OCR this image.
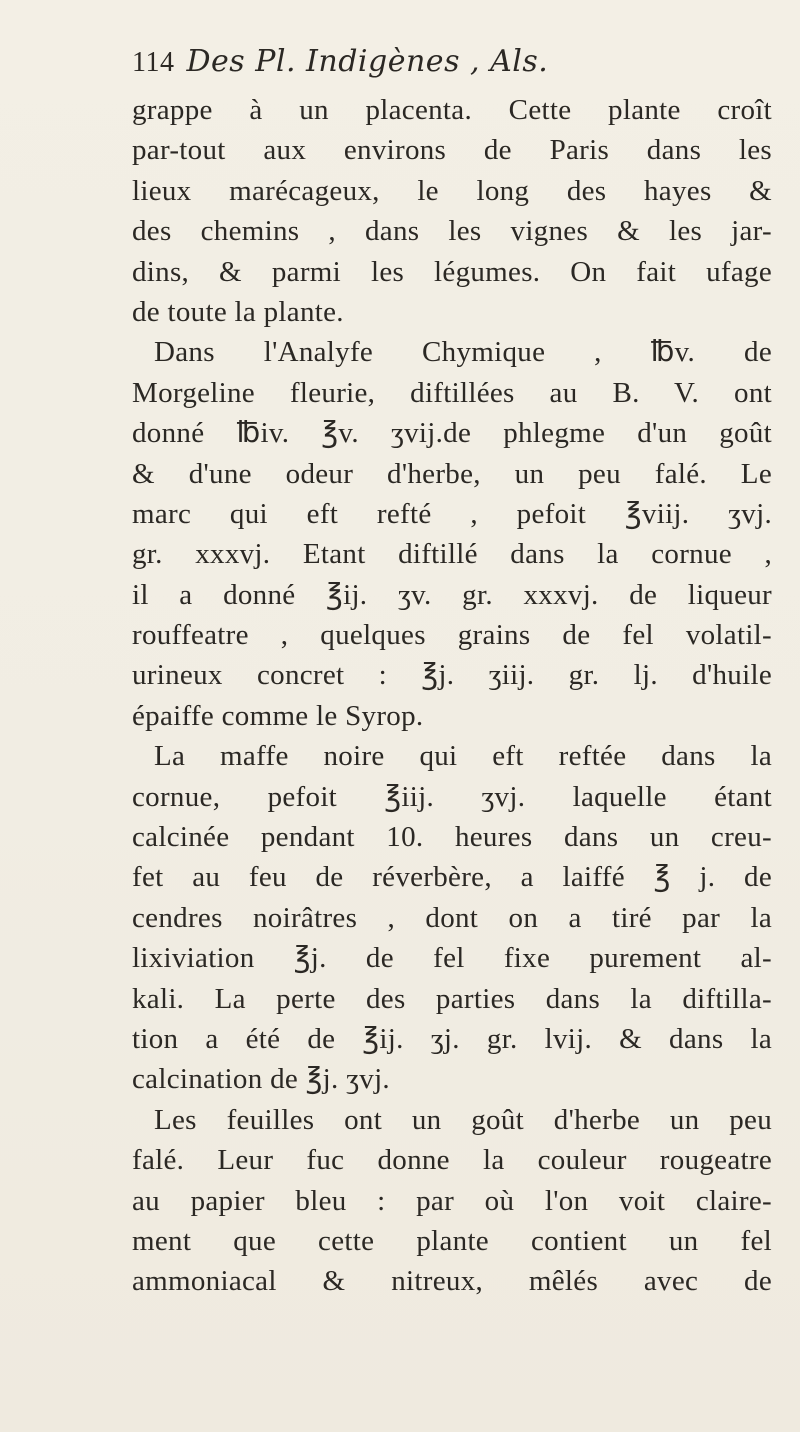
114 Des Pl. Indigènes , Als.
grappe à un placenta. Cette plante croît
par-tout aux environs de Paris dans les
lieux marécageux, le long des hayes &
des chemins , dans les vignes & les jar-
dins, & parmi les légumes. On fait ufage
de toute la plante.
Dans l'Analyfe Chymique , ℔v. de
Morgeline fleurie, diftillées au B. V. ont
donné ℔iv. ℥v. ʒvij.de phlegme d'un goût
& d'une odeur d'herbe, un peu falé. Le
marc qui eft refté , pefoit ℥viij. ʒvj.
gr. xxxvj. Etant diftillé dans la cornue ,
il a donné ℥ij. ʒv. gr. xxxvj. de liqueur
rouffeatre , quelques grains de fel volatil-
urineux concret : ℥j. ʒiij. gr. lj. d'huile
épaiffe comme le Syrop.
La maffe noire qui eft reftée dans la
cornue, pefoit ℥iij. ʒvj. laquelle étant
calcinée pendant 10. heures dans un creu-
fet au feu de réverbère, a laiffé ℥ j. de
cendres noirâtres , dont on a tiré par la
lixiviation ℥j. de fel fixe purement al-
kali. La perte des parties dans la diftilla-
tion a été de ℥ij. ʒj. gr. lvij. & dans la
calcination de ℥j. ʒvj.
Les feuilles ont un goût d'herbe un peu
falé. Leur fuc donne la couleur rougeatre
au papier bleu : par où l'on voit claire-
ment que cette plante contient un fel
ammoniacal & nitreux, mêlés avec de
